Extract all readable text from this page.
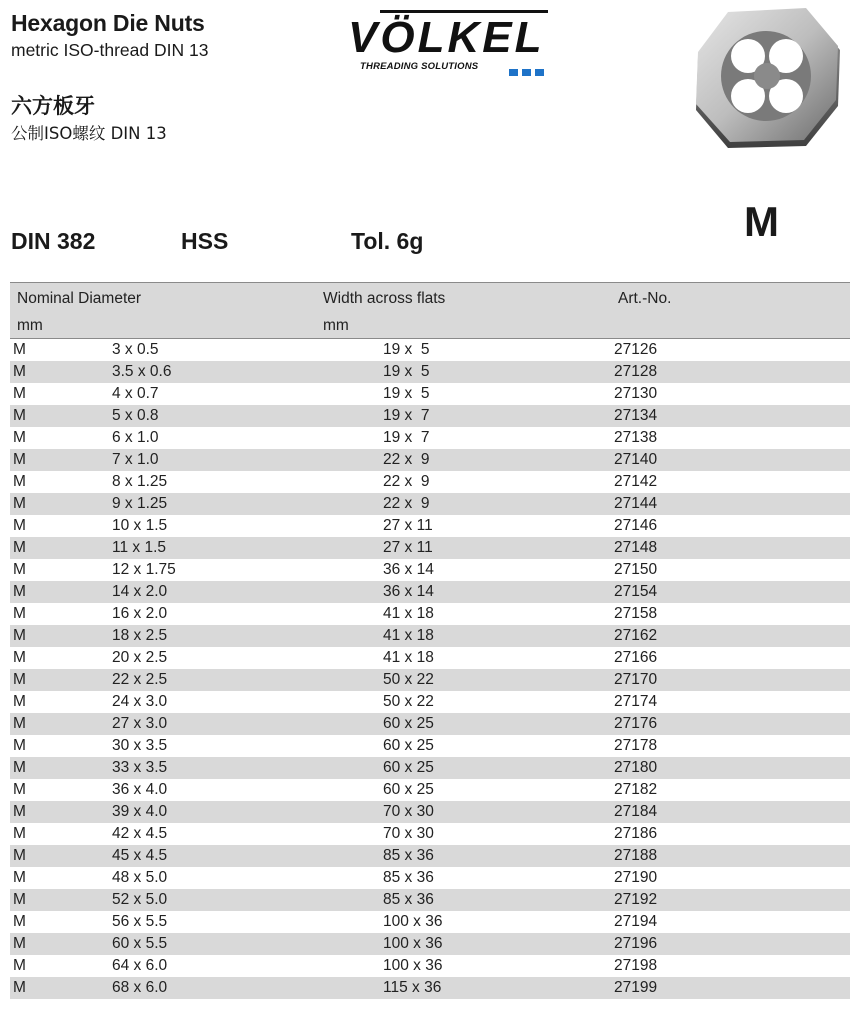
Hexagon Die Nuts
metric ISO-thread DIN 13
六方板牙
公制ISO螺纹 DIN 13
VÖLKEL
THREADING SOLUTIONS
DIN 382	HSS	Tol. 6g	M
Nominal Diameter	Width across flats	Art.-No.
mm	mm
M	3 x 0.5	19 x  5	27126
M	3.5 x 0.6	19 x  5	27128
M	4 x 0.7	19 x  5	27130
M	5 x 0.8	19 x  7	27134
M	6 x 1.0	19 x  7	27138
M	7 x 1.0	22 x  9	27140
M	8 x 1.25	22 x  9	27142
M	9 x 1.25	22 x  9	27144
M	10 x 1.5	27 x 11	27146
M	11 x 1.5	27 x 11	27148
M	12 x 1.75	36 x 14	27150
M	14 x 2.0	36 x 14	27154
M	16 x 2.0	41 x 18	27158
M	18 x 2.5	41 x 18	27162
M	20 x 2.5	41 x 18	27166
M	22 x 2.5	50 x 22	27170
M	24 x 3.0	50 x 22	27174
M	27 x 3.0	60 x 25	27176
M	30 x 3.5	60 x 25	27178
M	33 x 3.5	60 x 25	27180
M	36 x 4.0	60 x 25	27182
M	39 x 4.0	70 x 30	27184
M	42 x 4.5	70 x 30	27186
M	45 x 4.5	85 x 36	27188
M	48 x 5.0	85 x 36	27190
M	52 x 5.0	85 x 36	27192
M	56 x 5.5	100 x 36	27194
M	60 x 5.5	100 x 36	27196
M	64 x 6.0	100 x 36	27198
M	68 x 6.0	115 x 36	27199
